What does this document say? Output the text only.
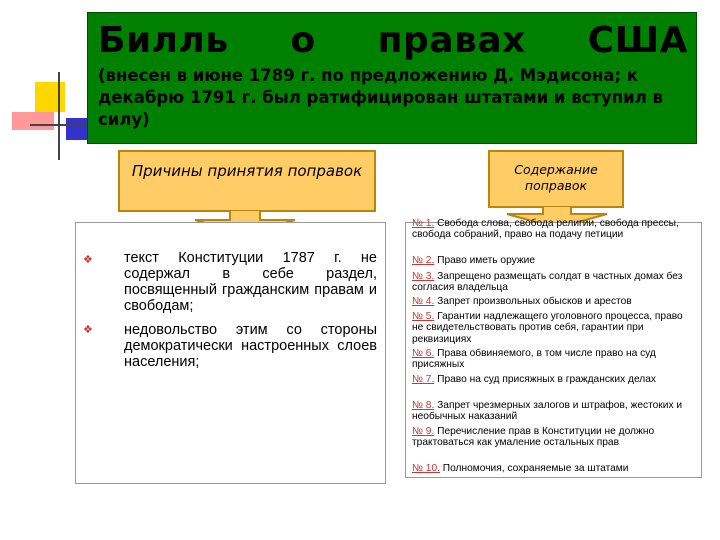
Билль о правах США
(внесен в июне 1789 г. по предложению Д. Мэдисона; к декабрю 1791 г. был ратифицирован штатами и вступил в силу)
Причины принятия поправок	Содержание поправок
❖ текст Конституции 1787 г. не содержал в себе раздел, посвященный гражданским правам и свободам;
❖ недовольство этим со стороны демократически настроенных слоев населения;
№ 1. Свобода слова, свобода религии, свобода прессы, свобода собраний, право на подачу петиции
№ 2. Право иметь оружие
№ 3. Запрещено размещать солдат в частных домах без согласия владельца
№ 4. Запрет произвольных обысков и арестов
№ 5. Гарантии надлежащего уголовного процесса, право не свидетельствовать против себя, гарантии при реквизициях
№ 6. Права обвиняемого, в том числе право на суд присяжных
№ 7. Право на суд присяжных в гражданских делах
№ 8. Запрет чрезмерных залогов и штрафов, жестоких и необычных наказаний
№ 9. Перечисление прав в Конституции не должно трактоваться как умаление остальных прав
№ 10. Полномочия, сохраняемые за штатами
